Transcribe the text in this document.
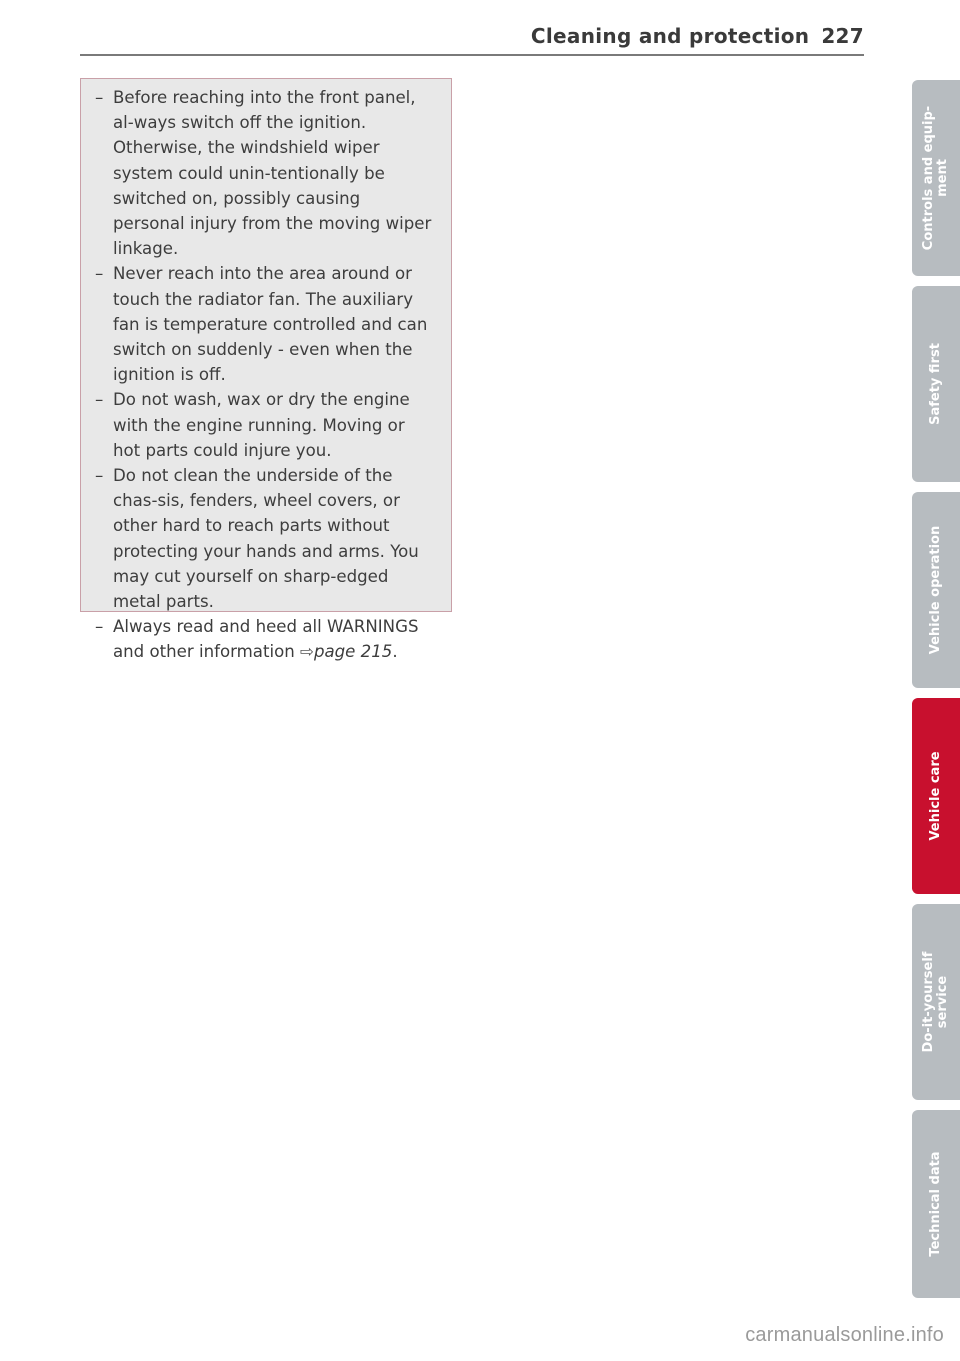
Cleaning and protection 227
– Before reaching into the front panel, al-ways switch off the ignition. Otherwise, the windshield wiper system could unin-tentionally be switched on, possibly causing personal injury from the moving wiper linkage.
– Never reach into the area around or touch the radiator fan. The auxiliary fan is temperature controlled and can switch on suddenly - even when the ignition is off.
– Do not wash, wax or dry the engine with the engine running. Moving or hot parts could injure you.
– Do not clean the underside of the chas-sis, fenders, wheel covers, or other hard to reach parts without protecting your hands and arms. You may cut yourself on sharp-edged metal parts.
– Always read and heed all WARNINGS and other information ⇨page 215.
Controls and equip- ment
Safety first
Vehicle operation
Vehicle care
Do-it-yourself service
Technical data
carmanualsonline.info
